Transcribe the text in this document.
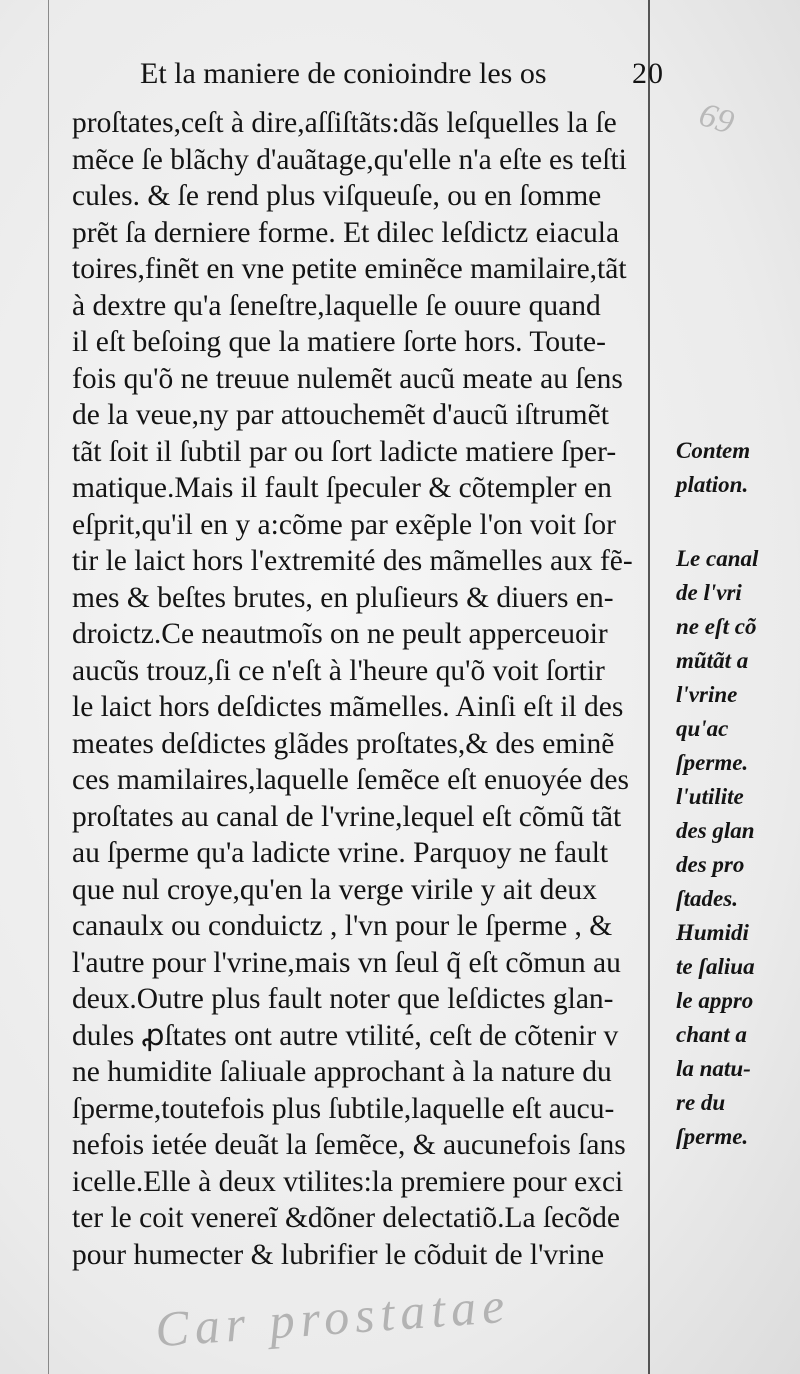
Et la maniere de conioindre les os	20
proſtates,ceſt à dire,aſſiſtãts:dãs leſquelles la ſe
mẽce ſe blãchy d'auãtage,qu'elle n'a eſte es teſti
cules. & ſe rend plus viſqueuſe, ou en ſomme
prẽt ſa derniere forme. Et dilec leſdictz eiacula
toires,finẽt en vne petite eminẽce mamilaire,tãt
à dextre qu'a ſeneſtre,laquelle ſe ouure quand
il eſt beſoing que la matiere ſorte hors. Toute-
fois qu'õ ne treuue nulemẽt aucũ meate au ſens
de la veue,ny par attouchemẽt d'aucũ iſtrumẽt
tãt ſoit il ſubtil par ou ſort ladicte matiere ſper-
matique.Mais il fault ſpeculer & cõtempler en
eſprit,qu'il en y a:cõme par exẽple l'on voit ſor
tir le laict hors l'extremité des mãmelles aux fẽ-
mes & beſtes brutes, en pluſieurs & diuers en-
droictz.Ce neautmoĩs on ne peult apperceuoir
aucũs trouz,ſi ce n'eſt à l'heure qu'õ voit ſortir
le laict hors deſdictes mãmelles. Ainſi eſt il des
meates deſdictes glãdes proſtates,& des eminẽ
ces mamilaires,laquelle ſemẽce eſt enuoyée des
proſtates au canal de l'vrine,lequel eſt cõmũ tãt
au ſperme qu'a ladicte vrine. Parquoy ne fault
que nul croye,qu'en la verge virile y ait deux
canaulx ou conduictz , l'vn pour le ſperme , &
l'autre pour l'vrine,mais vn ſeul q̃ eſt cõmun au
deux.Outre plus fault noter que leſdictes glan-
dules ꝓſtates ont autre vtilité, ceſt de cõtenir v
ne humidite ſaliuale approchant à la nature du
ſperme,toutefois plus ſubtile,laquelle eſt aucu-
nefois ietée deuãt la ſemẽce, & aucunefois ſans
icelle.Elle à deux vtilites:la premiere pour exci
ter le coit venereĩ &dõner delectatiõ.La ſecõde
pour humecter & lubrifier le cõduit de l'vrine
Contem
plation.
Le canal
de l'vri
ne eſt cõ
mũtãt a
l'vrine
qu'ac
ſperme.
l'utilite
des glan
des pro
ſtades.
Humidi
te ſaliua
le appro
chant a
la natu-
re du
ſperme.
69
Car prostatae
